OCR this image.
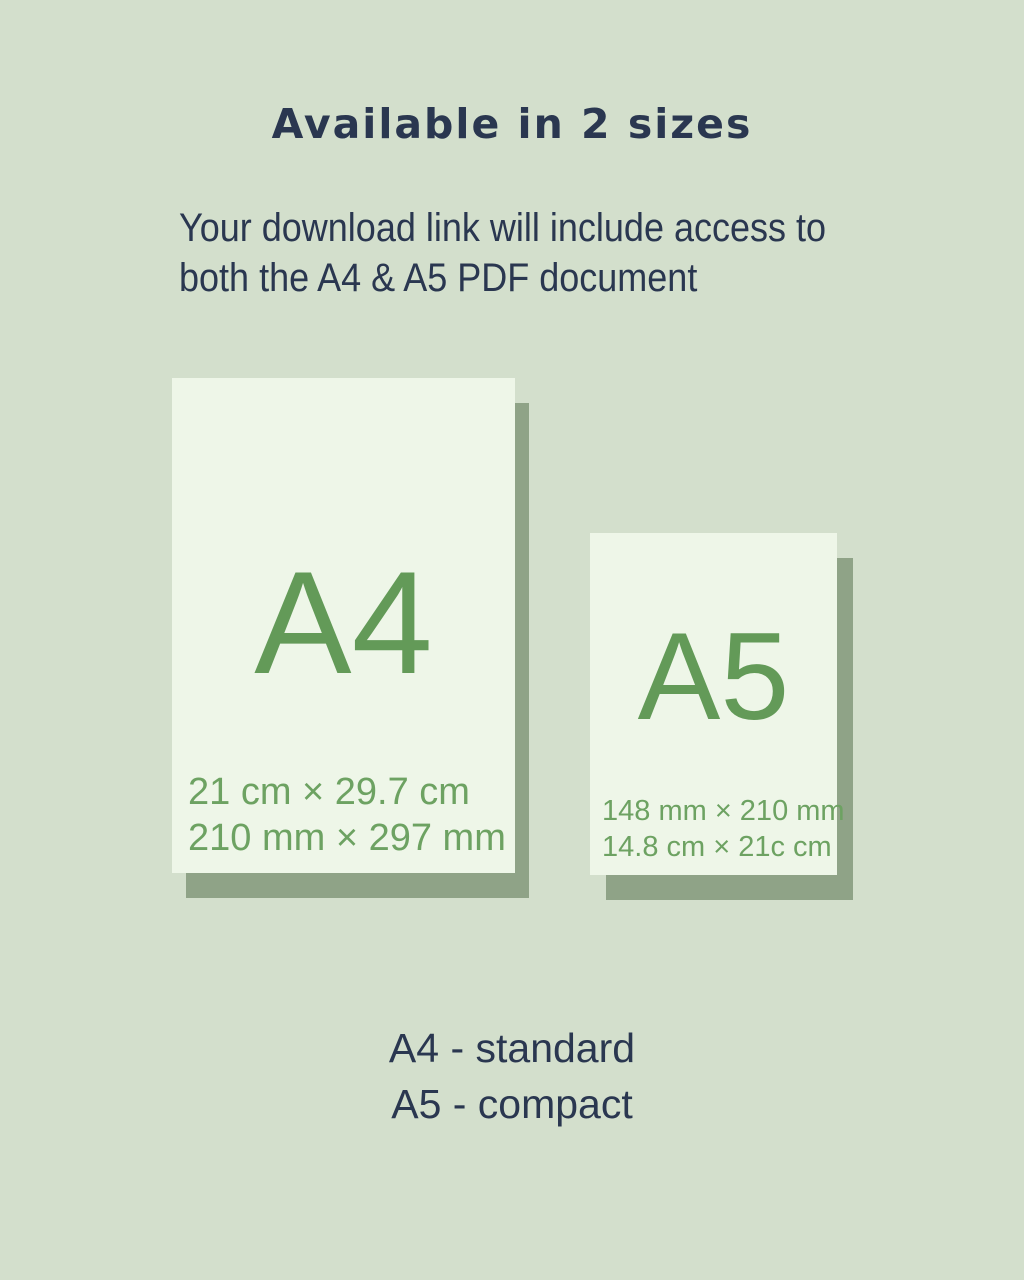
Available in 2 sizes
Your download link will include access to
both the A4 & A5 PDF document
A4
21 cm × 29.7 cm
210 mm × 297 mm
A5
148 mm × 210 mm
14.8 cm × 21c cm
A4 - standard
A5 - compact
